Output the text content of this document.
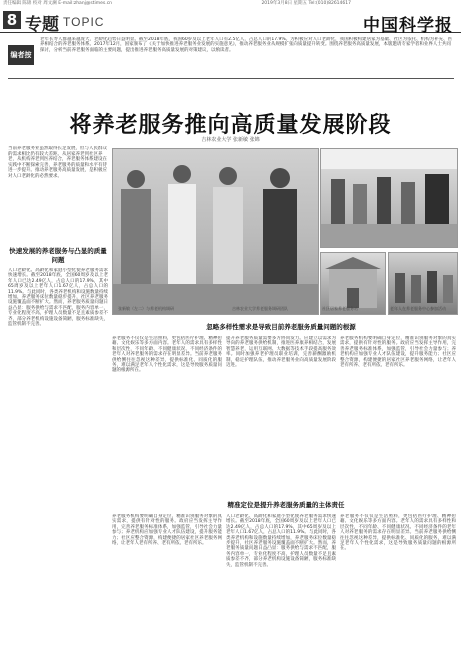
责任编辑 陈锦 校对 周文澜 E-mail:zhanj@stimes.cn	2019年3月8日 星期五 Tel:(010)82614617
8 专题 TOPIC	中国科学报
编者按
老年长寿人群越来越庞大，老龄化趋势日益明显。截至2018年底，我国60岁及以上老年人口有2.5亿人，占总人口的17.9%。为积极应对人口老龄化，我国积极构建居家为基础、社区为依托、机构为补充、医养相结合的养老服务体系。2017年12月，国家颁布了《关于加快推进养老服务业发展的实施意见》，推动养老服务业从规模扩张向质量提升转变。围绕养老服务高质量发展，本版邀请专家学者和业界人士共同探讨，分析当前养老服务面临的主要问题，提出推进养老服务高质量发展的对策建议，以飨读者。
将养老服务推向高质量发展阶段
吉林农业大学 张新敏 张锦
当前养老服务业虽然取得长足发展，但与人民群众的需求相比仍有较大差距。从居家养老到社区养老，从机构养老到医养结合，养老服务体系建设在实践中不断探索完善，养老服务的质量和水平有待进一步提升。推动养老服务高质量发展，是积极应对人口老龄化的必然要求。
快速发展的养老服务与凸显的质量问题
人口老龄化、高龄化和家庭小型化使养老服务需求快速增长。截至2018年底，全国60周岁及以上老年人口已达2.49亿人，占总人口的17.9%，其中65周岁及以上老年人口1.67亿人，占总人口的11.9%。与此同时，各类养老机构和设施数量持续增加，养老服务床位数量稳步提升，社区养老服务设施覆盖面不断扩大。然而，养老服务质量问题日益凸显：服务供给与需求不匹配，服务内容单一，专业化程度不高，护理人员数量不足且素质参差不齐，部分养老机构设施设备简陋，服务标准缺失，监管机制不完善。
张新敏（左二）与养老机构调研	吉林农业大学养老服务调研团队	社区居家养老服务站	老年人在养老服务中心参加活动
忽略多样性需求是导致目前养老服务质量问题的根源
养老服务不仅仅是生活照料，更包括医疗护理、精神慰藉、文化娱乐等多方面内容。老年人的需求具有多样性和层次性，不同年龄、不同健康状况、不同经济条件的老年人对养老服务的需求存在明显差异。当前养老服务供给侧往往忽视这种差异，提供标准化、同质化的服务，难以满足老年人个性化需求，这是导致服务质量问题的根源所在。
提升养老服务质量需要多方协同发力。应建立以需求为导向的养老服务供给机制，推进医养康养相结合，发展智慧养老，运用互联网、大数据等技术手段提高服务效率。同时加强养老护理员职业培训，完善薪酬激励机制，稳定护理队伍，推动养老服务业向高质量发展阶段迈进。
养老服务机构要明确自身定位，精准识别服务对象的真实需求，提供有针对性的服务。政府应当发挥主导作用，完善养老服务标准体系，加强监管，引导社会力量参与；养老机构应加强专业人才队伍建设，提升服务能力；社区应整合资源，构建便捷的居家社区养老服务网络，让老年人老有所养、老有所依、老有所乐。
精准定位是提升养老服务质量的主体责任
养老服务机构要明确自身定位，精准识别服务对象的真实需求，提供有针对性的服务。政府应当发挥主导作用，完善养老服务标准体系，加强监管，引导社会力量参与；养老机构应加强专业人才队伍建设，提升服务能力；社区应整合资源，构建便捷的居家社区养老服务网络，让老年人老有所养、老有所依、老有所乐。
人口老龄化、高龄化和家庭小型化使养老服务需求快速增长。截至2018年底，全国60周岁及以上老年人口已达2.49亿人，占总人口的17.9%，其中65周岁及以上老年人口1.67亿人，占总人口的11.9%。与此同时，各类养老机构和设施数量持续增加，养老服务床位数量稳步提升，社区养老服务设施覆盖面不断扩大。然而，养老服务质量问题日益凸显：服务供给与需求不匹配，服务内容单一，专业化程度不高，护理人员数量不足且素质参差不齐，部分养老机构设施设备简陋，服务标准缺失，监管机制不完善。
养老服务不仅仅是生活照料，更包括医疗护理、精神慰藉、文化娱乐等多方面内容。老年人的需求具有多样性和层次性，不同年龄、不同健康状况、不同经济条件的老年人对养老服务的需求存在明显差异。当前养老服务供给侧往往忽视这种差异，提供标准化、同质化的服务，难以满足老年人个性化需求，这是导致服务质量问题的根源所在。
